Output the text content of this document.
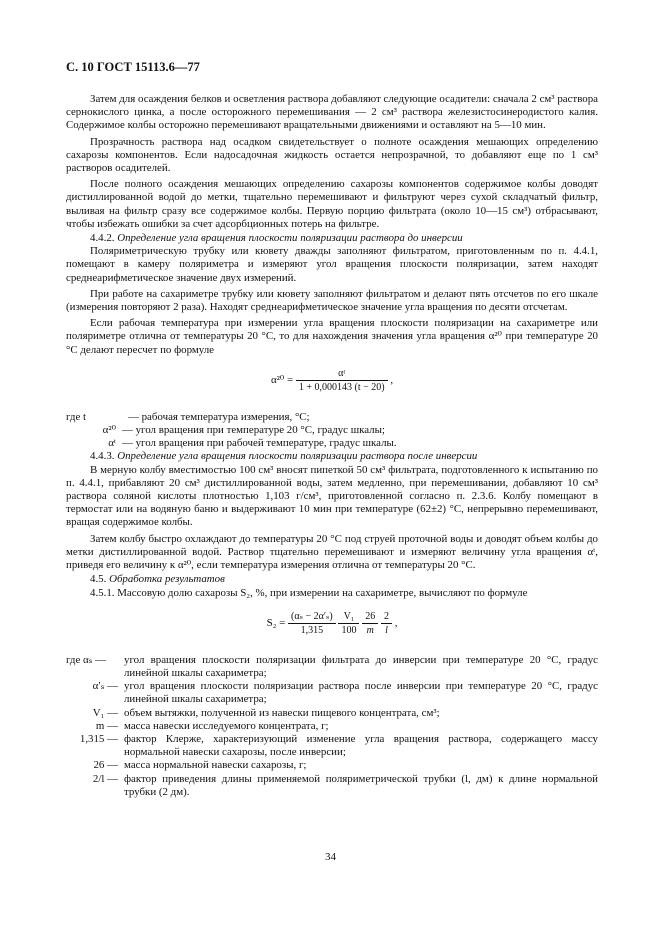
С. 10 ГОСТ 15113.6—77

Затем для осаждения белков и осветления раствора добавляют следующие осадители: сначала 2 см³ раствора сернокислого цинка, а после осторожного перемешивания — 2 см³ раствора железистосинеродистого калия. Содержимое колбы осторожно перемешивают вращательными движениями и оставляют на 5—10 мин.

Прозрачность раствора над осадком свидетельствует о полноте осаждения мешающих определению сахарозы компонентов. Если надосадочная жидкость остается непрозрачной, то добавляют еще по 1 см³ растворов осадителей.

После полного осаждения мешающих определению сахарозы компонентов содержимое колбы доводят дистиллированной водой до метки, тщательно перемешивают и фильтруют через сухой складчатый фильтр, выливая на фильтр сразу все содержимое колбы. Первую порцию фильтрата (около 10—15 см³) отбрасывают, чтобы избежать ошибки за счет адсорбционных потерь на фильтре.

4.4.2. Определение угла вращения плоскости поляризации раствора до инверсии

Поляриметрическую трубку или кювету дважды заполняют фильтратом, приготовленным по п. 4.4.1, помещают в камеру поляриметра и измеряют угол вращения плоскости поляризации, затем находят среднеарифметическое значение двух измерений.

При работе на сахариметре трубку или кювету заполняют фильтратом и делают пять отсчетов по его шкале (измерения повторяют 2 раза). Находят среднеарифметическое значение угла вращения по десяти отсчетам.

Если рабочая температура при измерении угла вращения плоскости поляризации на сахариметре или поляриметре отлична от температуры 20 °С, то для нахождения значения угла вращения α²⁰ при температуре 20 °С делают пересчет по формуле

$\alpha^{20} = \frac{\text{αᵗ}}{1 + 0,000143 (t - 20)}$ ,
где t	— рабочая температура измерения, °С;
α²⁰ — угол вращения при температуре 20 °С, градус шкалы;
αᵗ — угол вращения при рабочей температуре, градус шкалы.

4.4.3. Определение угла вращения плоскости поляризации раствора после инверсии

В мерную колбу вместимостью 100 см³ вносят пипеткой 50 см³ фильтрата, подготовленного к испытанию по п. 4.4.1, прибавляют 20 см³ дистиллированной воды, затем медленно, при перемешивании, добавляют 10 см³ раствора соляной кислоты плотностью 1,103 г/см³, приготовленной согласно п. 2.3.6. Колбу помещают в термостат или на водяную баню и выдерживают 10 мин при температуре (62±2) °С, непрерывно перемешивают, вращая содержимое колбы.

Затем колбу быстро охлаждают до температуры 20 °С под струей проточной воды и доводят объем колбы до метки дистиллированной водой. Раствор тщательно перемешивают и измеряют величину угла вращения αᵗ, приведя его величину к α²⁰, если температура измерения отлична от температуры 20 °С.

4.5. Обработка результатов

4.5.1. Массовую долю сахарозы S₂, %, при измерении на сахариметре, вычисляют по формуле

$S_2 = \frac{\text{(αₛ − 2α′ₛ)}}{1,315}$
$\frac{\text{V₁}}{100}$
$\frac{26}{m}$
$\frac{2}{l}$ ,
где αₛ —	угол вращения плоскости поляризации фильтрата до инверсии при температуре 20 °С, градус линейной шкалы сахариметра;
α′ₛ — угол вращения плоскости поляризации раствора после инверсии при температуре 20 °С, градус линейной шкалы сахариметра;
V₁ — объем вытяжки, полученной из навески пищевого концентрата, см³;
m — масса навески исследуемого концентрата, г;
1,315 — фактор Клерже, характеризующий изменение угла вращения раствора, содержащего массу нормальной навески сахарозы, после инверсии;
26 — масса нормальной навески сахарозы, г;
2/l — фактор приведения длины применяемой поляриметрической трубки (l, дм) к длине нормальной трубки (2 дм).
34
